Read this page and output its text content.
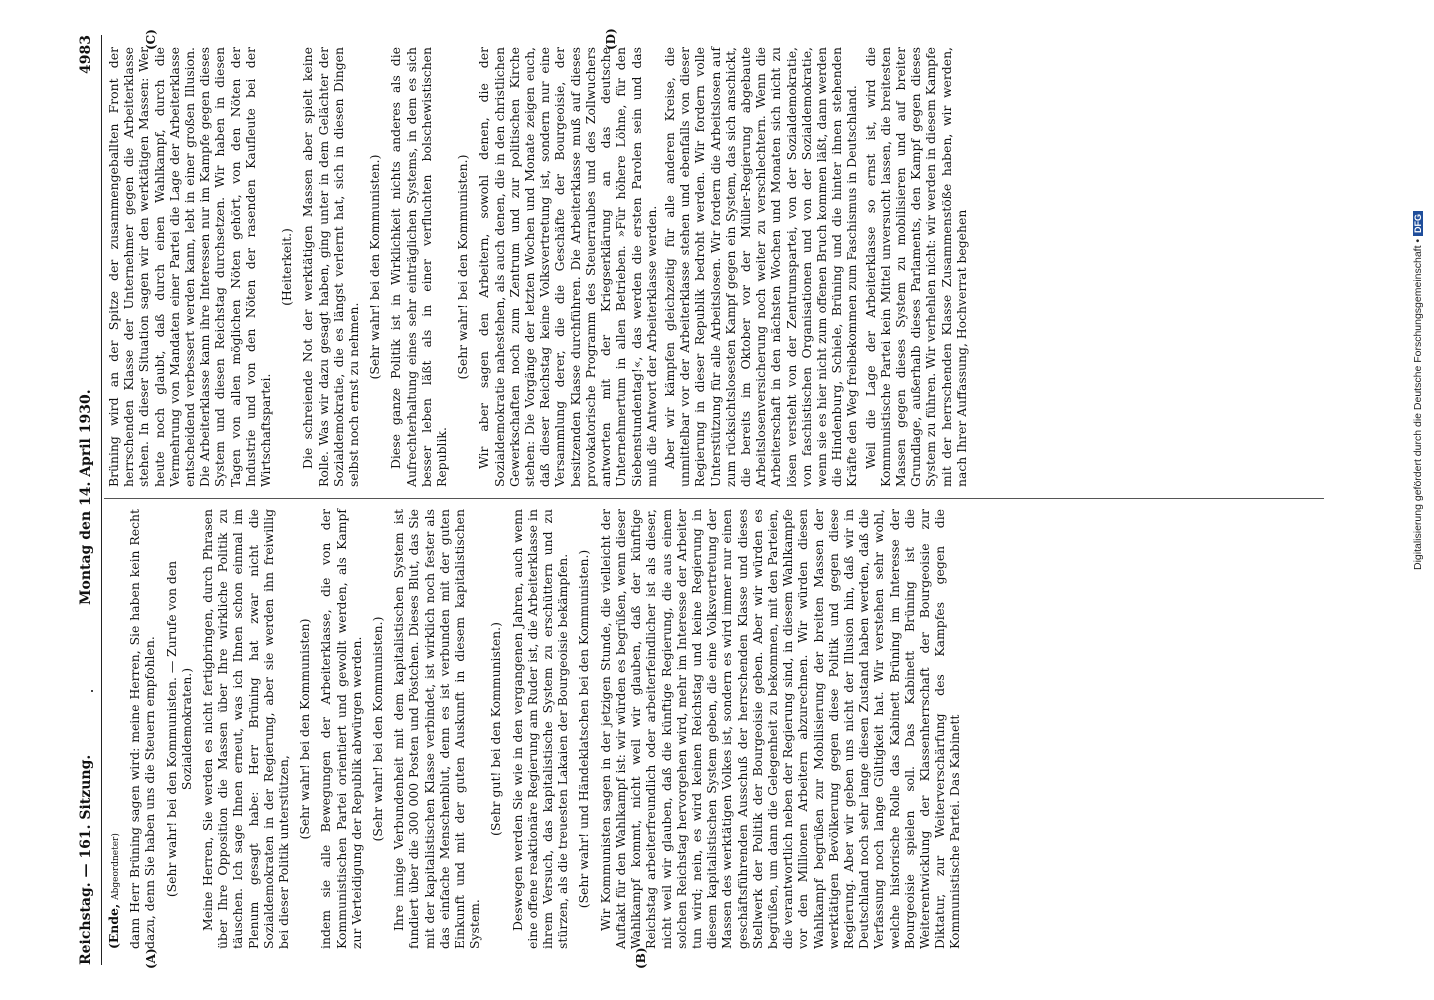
Reichstag. — 161. Sitzung.
Montag den 14. April 1930.
4983
(A)	(B)
(C)	(D)

(Ende, Abgeordneter) dann Herr Brüning sagen wird: meine Herren, Sie haben kein Recht dazu, denn Sie haben uns die Steuern empfohlen. (Sehr wahr! bei den Kommunisten. — Zurufe von den Sozialdemokraten.) Meine Herren, Sie werden es nicht fertigbringen, durch Phrasen über Ihre Opposition die Massen über Ihre wirkliche Politik zu täuschen. Ich sage Ihnen erneut, was ich Ihnen schon einmal im Plenum gesagt habe: Herr Brüning hat zwar nicht die Sozialdemokraten in der Regierung, aber sie werden ihn freiwillig bei dieser Politik unterstützen,

(Sehr wahr! bei den Kommunisten) indem sie alle Bewegungen der Arbeiterklasse, die von der Kommunistischen Partei orientiert und gewollt werden, als Kampf zur Verteidigung der Republik abwürgen werden. (Sehr wahr! bei den Kommunisten.) Ihre innige Verbundenheit mit dem kapitalistischen System ist fundiert über die 300 000 Posten und Pöstchen. Dieses Blut, das Sie mit der kapitalistischen Klasse verbindet, ist wirklich noch fester als das einfache Menschenblut, denn es ist verbunden mit der guten Einkunft und mit der guten Auskunft in diesem kapitalistischen System.

(Sehr gut! bei den Kommunisten.) Deswegen werden Sie wie in den vergangenen Jahren, auch wenn eine offene reaktionäre Regierung am Ruder ist, die Arbeiterklasse in ihrem Versuch, das kapitalistische System zu erschüttern und zu stürzen, als die treuesten Lakaien der Bourgeoisie bekämpfen. (Sehr wahr! und Händeklatschen bei den Kommunisten.) Wir Kommunisten sagen in der jetzigen Stunde, die vielleicht der Auftakt für den Wahlkampf ist: wir würden es begrüßen, wenn dieser Wahlkampf kommt, nicht weil wir glauben, daß der künftige Reichstag arbeiterfreundlich oder arbeiterfeindlicher ist als dieser, nicht weil wir glauben, daß die künftige Regierung, die aus einem solchen Reichstag hervorgehen wird, mehr im Interesse der Arbeiter tun wird; nein, es wird keinen Reichstag und keine Regierung in diesem kapitalistischen System geben, die eine Volksvertretung der Massen des werktätigen Volkes ist, sondern es wird immer nur einen geschäftsführenden Ausschuß der herrschenden Klasse und dieses Stellwerk der Politik der Bourgeoisie geben. Aber wir würden es begrüßen, um dann die Gelegenheit zu bekommen, mit den Parteien, die verantwortlich neben der Regierung sind, in diesem Wahlkampfe vor den Millionen Arbeitern abzurechnen. Wir würden diesen Wahlkampf begrüßen zur Mobilisierung der breiten Massen der werktätigen Bevölkerung gegen diese Politik und gegen diese Regierung. Aber wir geben uns nicht der Illusion hin, daß wir in Deutschland noch sehr lange diesen Zustand haben werden, daß die Verfassung noch lange Gültigkeit hat. Wir verstehen sehr wohl, welche historische Rolle das Kabinett Brüning im Interesse der Bourgeoisie spielen soll. Das Kabinett Brüning ist die Weiterentwicklung der Klassenherrschaft der Bourgeoisie zur Diktatur, zur Weiterverschärfung des Kampfes gegen die Kommunistische Partei. Das Kabinett

Brüning wird an der Spitze der zusammengeballten Front der herrschenden Klasse der Unternehmer gegen die Arbeiterklasse stehen. In dieser Situation sagen wir den werktätigen Massen: Wer heute noch glaubt, daß durch einen Wahlkampf, durch die Vermehrung von Mandaten einer Partei die Lage der Arbeiterklasse entscheidend verbessert werden kann, lebt in einer großen Illusion. Die Arbeiterklasse kann ihre Interessen nur im Kampfe gegen dieses System und diesen Reichstag durchsetzen. Wir haben in diesen Tagen von allen möglichen Nöten gehört, von den Nöten der Industrie und von den Nöten der rasenden Kaufleute bei der Wirtschaftspartei.

(Heiterkeit.) Die schreiende Not der werktätigen Massen aber spielt keine Rolle. Was wir dazu gesagt haben, ging unter in dem Gelächter der Sozialdemokratie, die es längst verlernt hat, sich in diesen Dingen selbst noch ernst zu nehmen.

(Sehr wahr! bei den Kommunisten.) Diese ganze Politik ist in Wirklichkeit nichts anderes als die Aufrechterhaltung eines sehr einträglichen Systems, in dem es sich besser leben läßt als in einer verfluchten bolschewistischen Republik.

(Sehr wahr! bei den Kommunisten.) Wir aber sagen den Arbeitern, sowohl denen, die der Sozialdemokratie nahestehen, als auch denen, die in den christlichen Gewerkschaften noch zum Zentrum und zur politischen Kirche stehen: Die Vorgänge der letzten Wochen und Monate zeigen euch, daß dieser Reichstag keine Volksvertretung ist, sondern nur eine Versammlung derer, die die Geschäfte der Bourgeoisie, der besitzenden Klasse durchführen. Die Arbeiterklasse muß auf dieses provokatorische Programm des Steuerraubes und des Zollwuchers antworten mit der Kriegserklärung an das deutsche Unternehmertum in allen Betrieben. »Für höhere Löhne, für den Siebenstundentag!«, das werden die ersten Parolen sein und das muß die Antwort der Arbeiterklasse werden. Aber wir kämpfen gleichzeitig für alle anderen Kreise, die unmittelbar vor der Arbeiterklasse stehen und ebenfalls von dieser Regierung in dieser Republik bedroht werden. Wir fordern volle Unterstützung für alle Arbeitslosen. Wir fordern die Arbeitslosen auf zum rücksichtslosesten Kampf gegen ein System, das sich anschickt, die bereits im Oktober vor der Müller-Regierung abgebaute Arbeitslosenversicherung noch weiter zu verschlechtern. Wenn die Arbeiterschaft in den nächsten Wochen und Monaten sich nicht zu lösen versteht von der Zentrumspartei, von der Sozialdemokratie, von faschistischen Organisationen und von der Sozialdemokratie, wenn sie es hier nicht zum offenen Bruch kommen läßt, dann werden die Hindenburg, Schiele, Brüning und die hinter ihnen stehenden Kräfte den Weg freibekommen zum Faschismus in Deutschland. Weil die Lage der Arbeiterklasse so ernst ist, wird die Kommunistische Partei kein Mittel unversucht lassen, die breitesten Massen gegen dieses System zu mobilisieren und auf breiter Grundlage, außerhalb dieses Parlaments, den Kampf gegen dieses System zu führen. Wir verhehlen nicht: wir werden in diesem Kampfe mit der herrschenden Klasse Zusammenstöße haben, wir werden, nach Ihrer Auffassung, Hochverrat begehen	Digitalisierung gefördert durch die Deutsche Forschungsgemeinschaft • DFG
